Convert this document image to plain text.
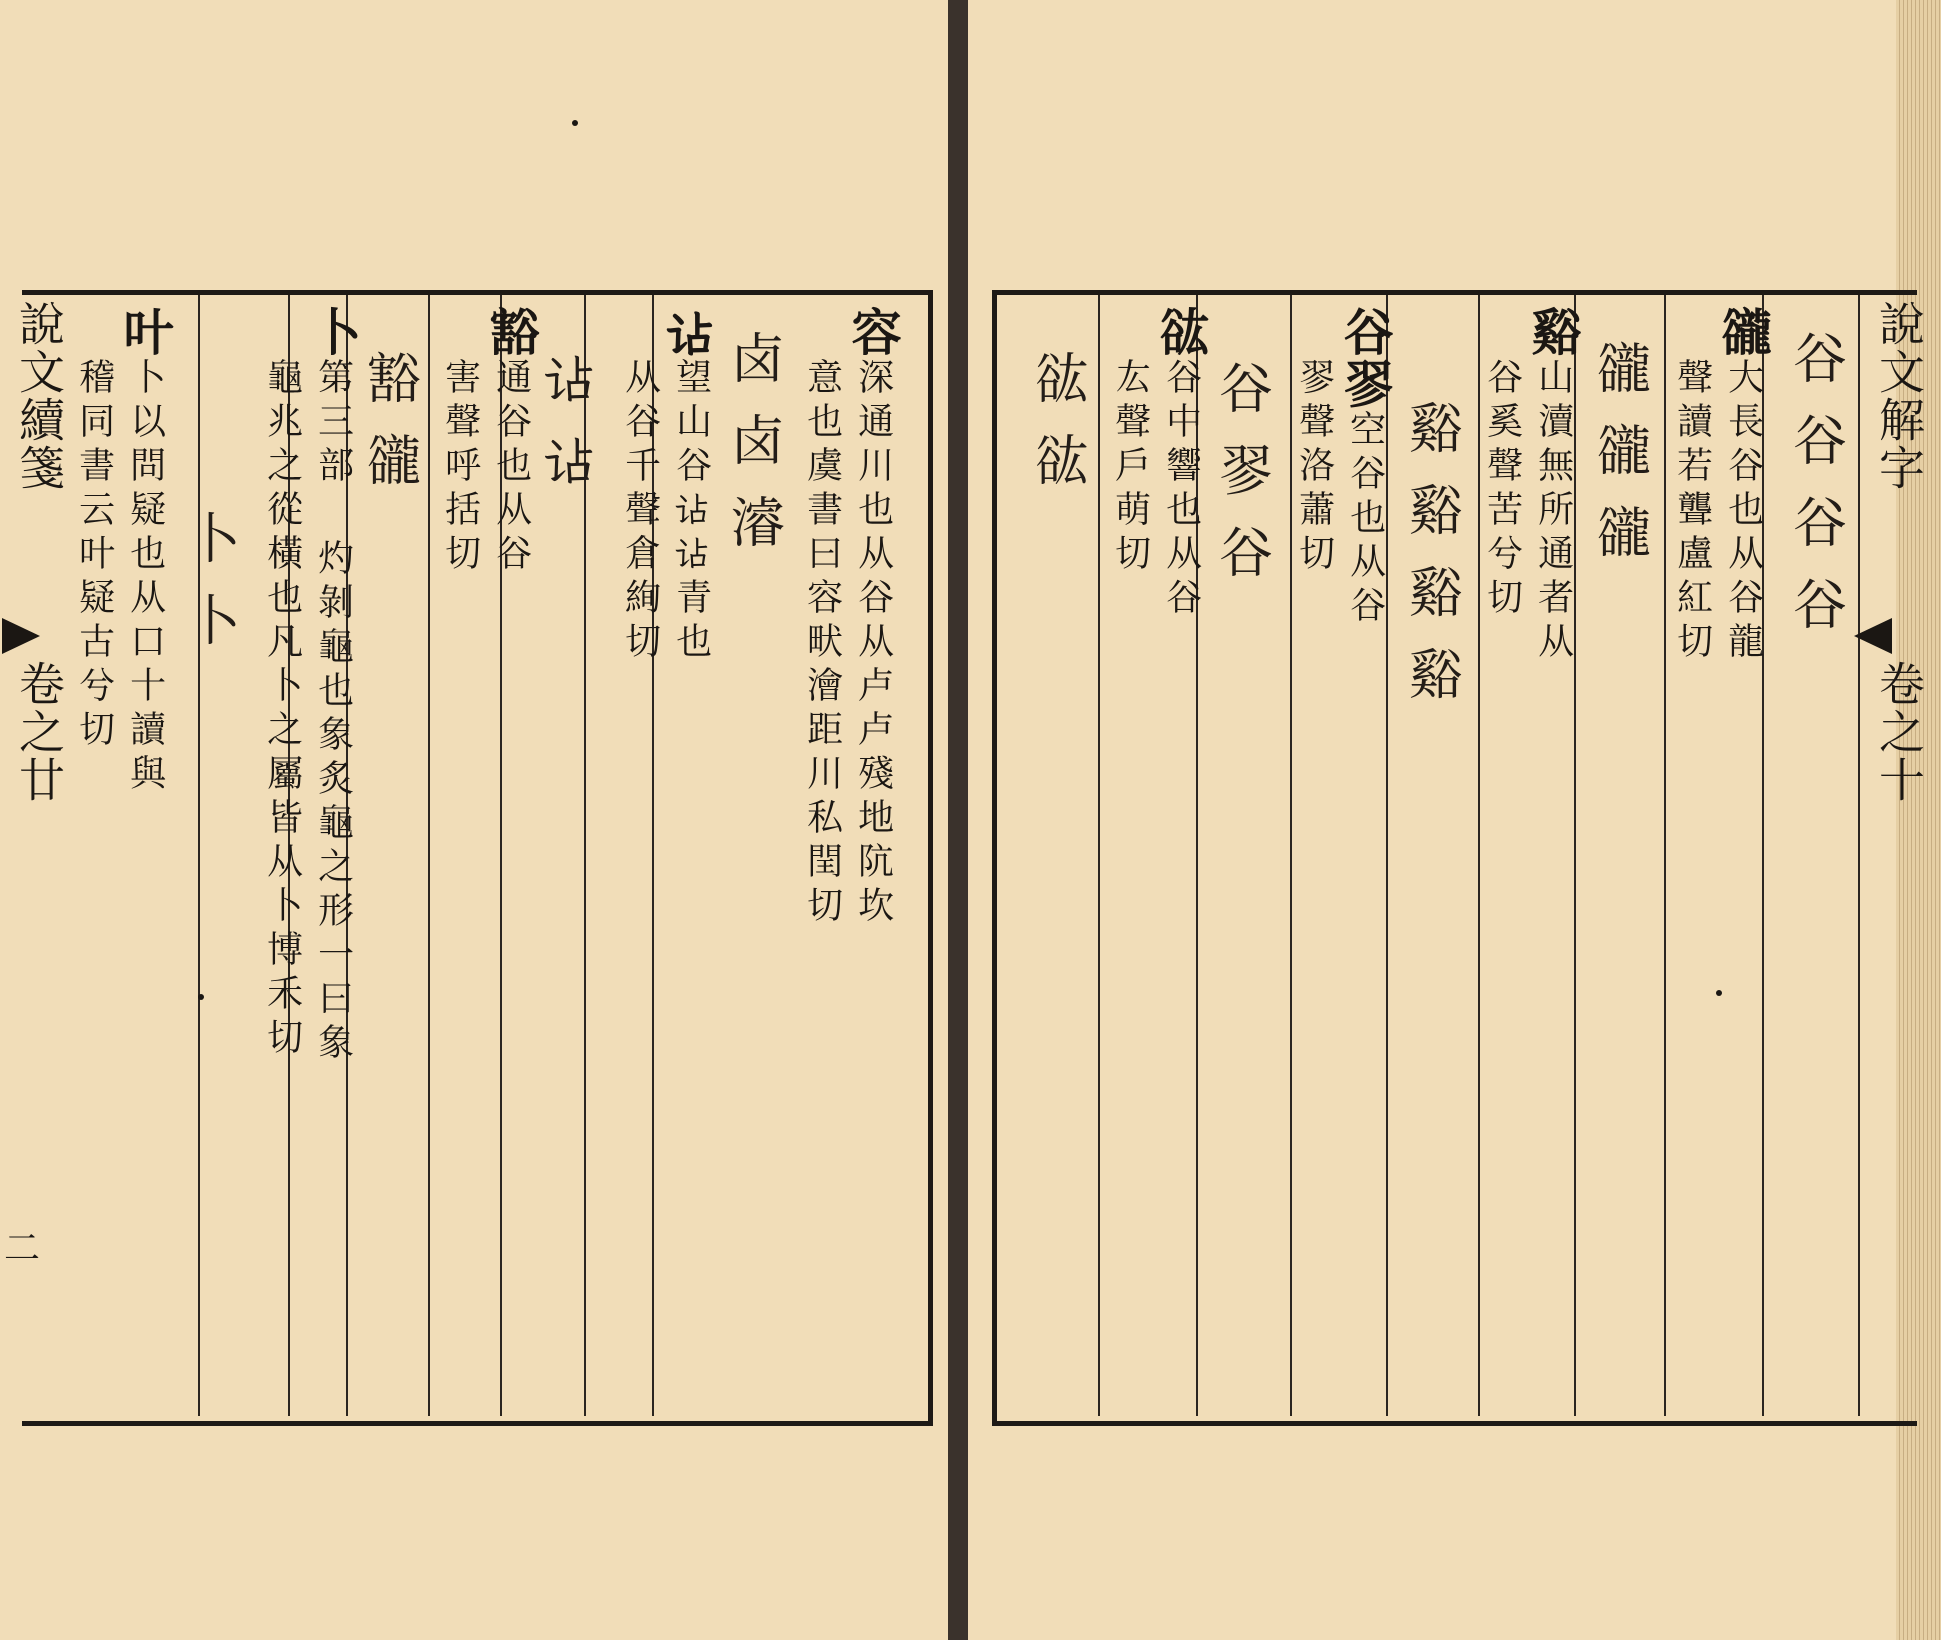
說文續箋
卷之廿
二
容深通川也从谷从卢卢殘地阬坎
意也虞書曰容畎澮距川私閏切
卤卤濬
𧮪望山谷𧮪𧮪青也
从谷千聲倉絢切
𧮪𧮪
豁通谷也从谷
害聲呼括切
豁豅
卜第三部 灼剝龜也象炙龜之形一曰象
龜兆之從橫也凡卜之屬皆从卜博禾切
卜卜
叶卜以問疑也从口十讀與
稽同書云叶疑古兮切	說文解字
卷之十
谷谷谷谷
豅大長谷也从谷龍
聲讀若聾盧紅切
豅豅豅
谿山瀆無所通者从
谷奚聲苦兮切
谿谿谿谿
谷翏空谷也从谷
翏聲洛蕭切
谷翏谷
谹谷中響也从谷
厷聲戶萌切
谹谹
